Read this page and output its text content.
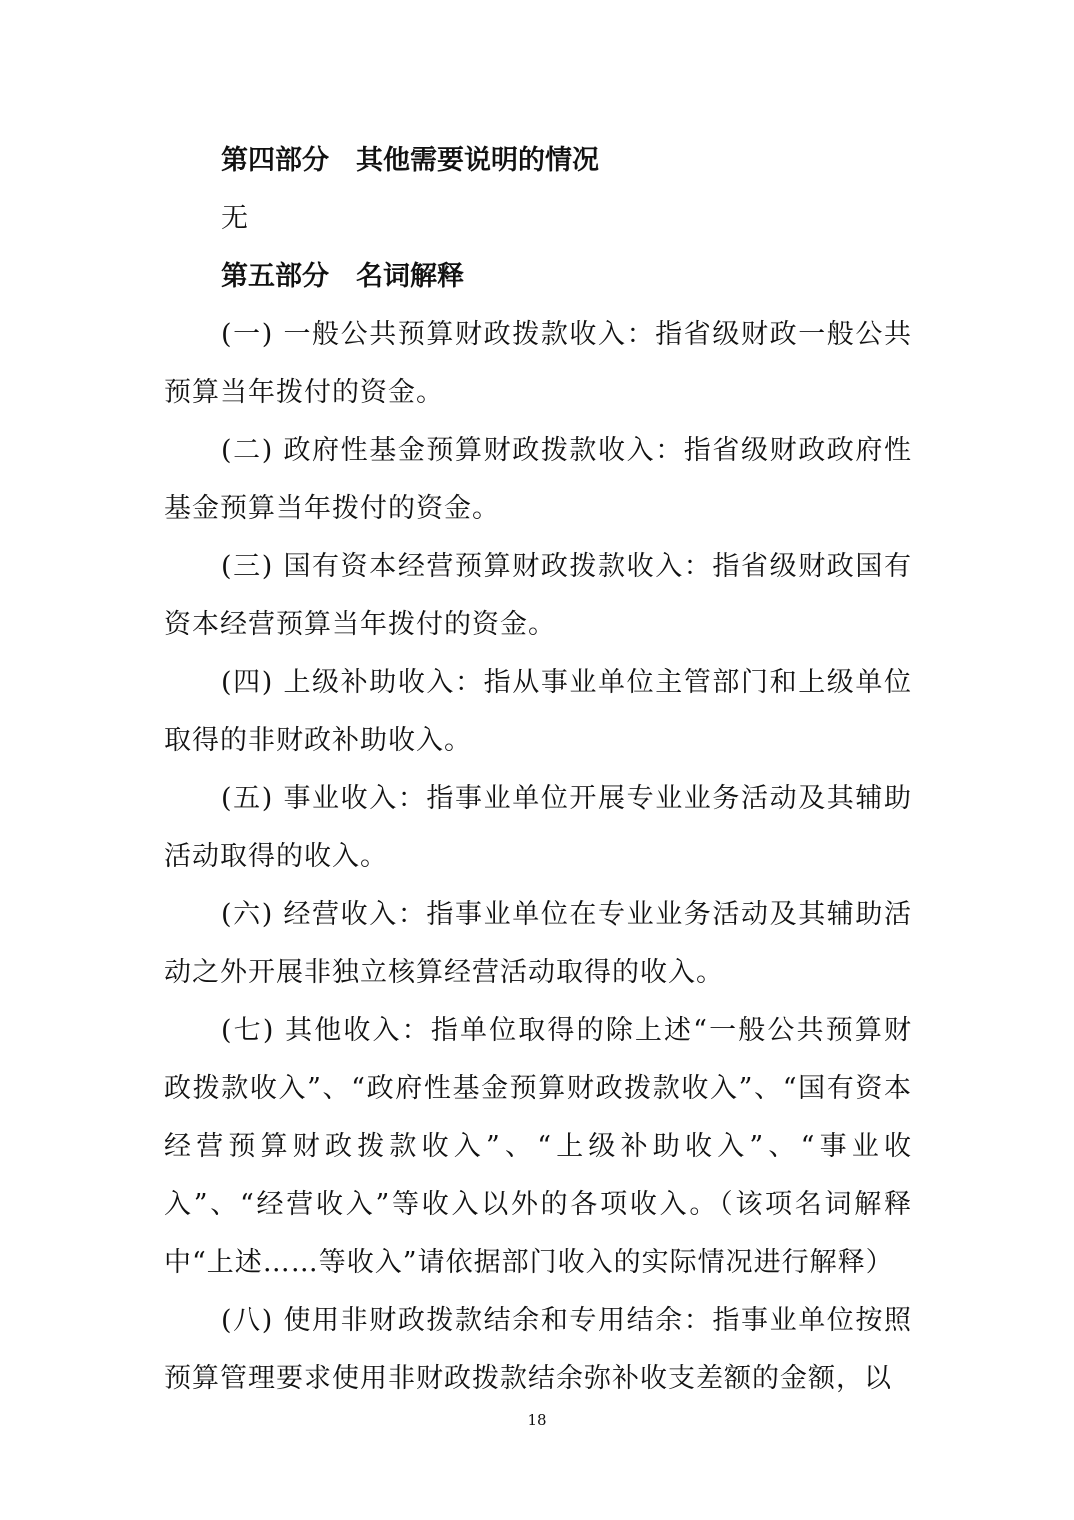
第四部分　其他需要说明的情况

无

第五部分　名词解释

(一) 一般公共预算财政拨款收入：指省级财政一般公共预算当年拨付的资金。

(二) 政府性基金预算财政拨款收入：指省级财政政府性基金预算当年拨付的资金。

(三) 国有资本经营预算财政拨款收入：指省级财政国有资本经营预算当年拨付的资金。

(四) 上级补助收入：指从事业单位主管部门和上级单位取得的非财政补助收入。

(五) 事业收入：指事业单位开展专业业务活动及其辅助活动取得的收入。

(六) 经营收入：指事业单位在专业业务活动及其辅助活动之外开展非独立核算经营活动取得的收入。

(七) 其他收入：指单位取得的除上述“一般公共预算财政拨款收入”、“政府性基金预算财政拨款收入”、“国有资本经营预算财政拨款收入”、“上级补助收入”、“事业收入”、“经营收入”等收入以外的各项收入。（该项名词解释中“上述……等收入”请依据部门收入的实际情况进行解释）

(八) 使用非财政拨款结余和专用结余：指事业单位按照预算管理要求使用非财政拨款结余弥补收支差额的金额，以

18
